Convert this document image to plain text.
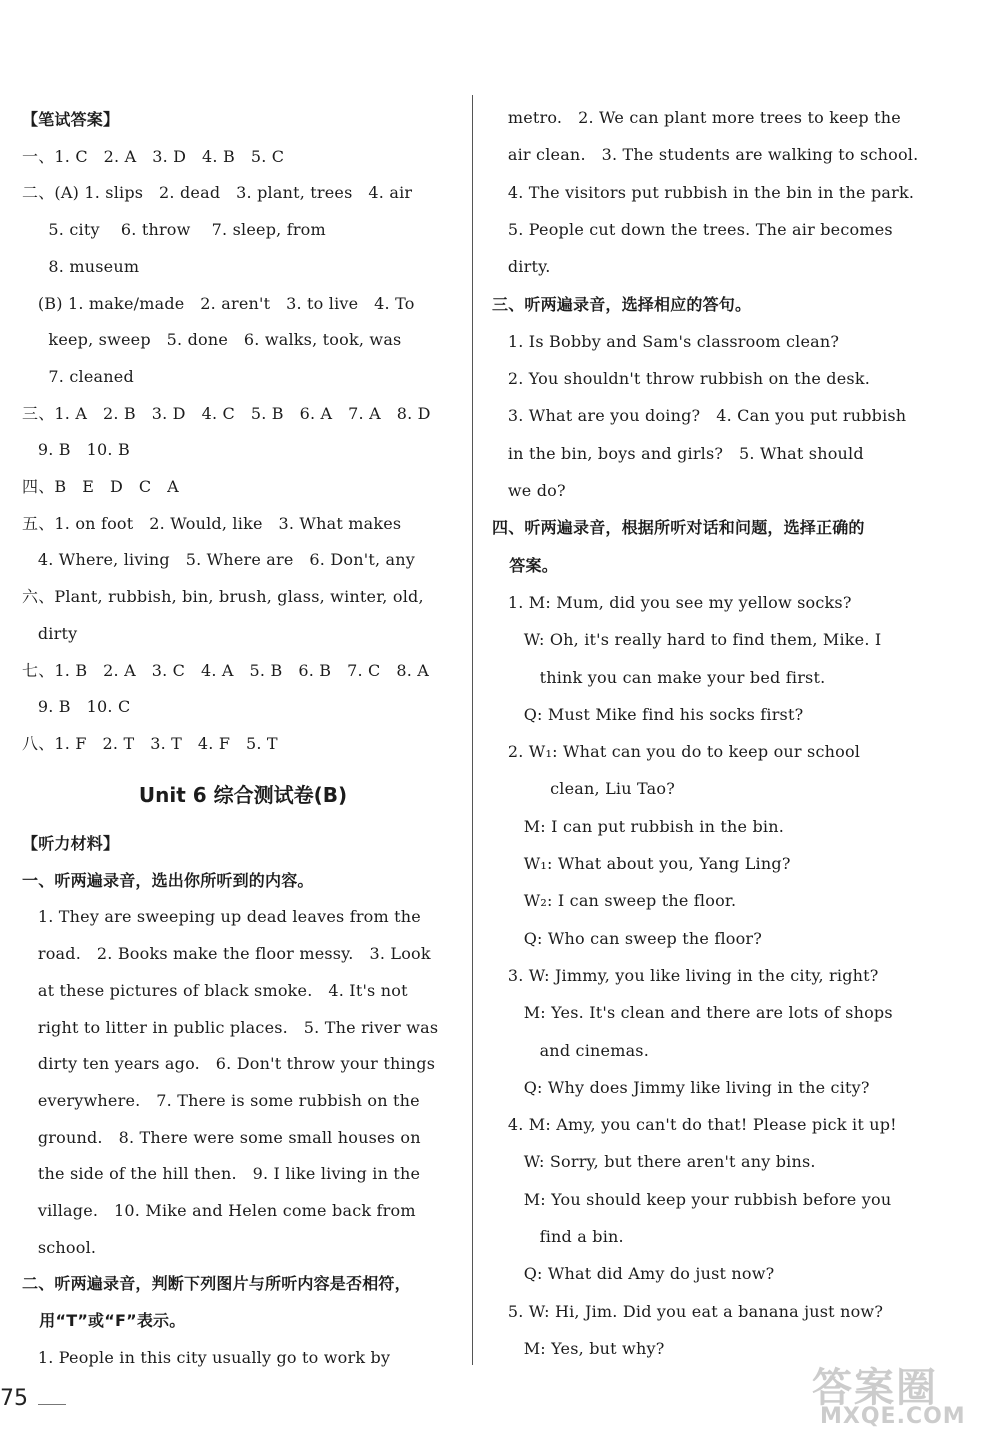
【笔试答案】
一、1. C   2. A   3. D   4. B   5. C
二、(A) 1. slips   2. dead   3. plant, trees   4. air
5. city    6. throw    7. sleep, from
8. museum
(B) 1. make/made   2. aren't   3. to live   4. To
keep, sweep   5. done   6. walks, took, was
7. cleaned
三、1. A   2. B   3. D   4. C   5. B   6. A   7. A   8. D
9. B   10. B
四、B   E   D   C   A
五、1. on foot   2. Would, like   3. What makes
4. Where, living   5. Where are   6. Don't, any
六、Plant, rubbish, bin, brush, glass, winter, old,
dirty
七、1. B   2. A   3. C   4. A   5. B   6. B   7. C   8. A
9. B   10. C
八、1. F   2. T   3. T   4. F   5. T
Unit 6 综合测试卷(B)
【听力材料】
一、听两遍录音，选出你所听到的内容。
1. They are sweeping up dead leaves from the
road.   2. Books make the floor messy.   3. Look
at these pictures of black smoke.   4. It's not
right to litter in public places.   5. The river was
dirty ten years ago.   6. Don't throw your things
everywhere.   7. There is some rubbish on the
ground.   8. There were some small houses on
the side of the hill then.   9. I like living in the
village.   10. Mike and Helen come back from
school.
二、听两遍录音，判断下列图片与所听内容是否相符，
用“T”或“F”表示。
1. People in this city usually go to work by
metro.   2. We can plant more trees to keep the
air clean.   3. The students are walking to school.
4. The visitors put rubbish in the bin in the park.
5. People cut down the trees. The air becomes
dirty.
三、听两遍录音，选择相应的答句。
1. Is Bobby and Sam's classroom clean?
2. You shouldn't throw rubbish on the desk.
3. What are you doing?   4. Can you put rubbish
in the bin, boys and girls?   5. What should
we do?
四、听两遍录音，根据所听对话和问题，选择正确的
答案。
1. M: Mum, did you see my yellow socks?
W: Oh, it's really hard to find them, Mike. I
think you can make your bed first.
Q: Must Mike find his socks first?
2. W₁: What can you do to keep our school
clean, Liu Tao?
M: I can put rubbish in the bin.
W₁: What about you, Yang Ling?
W₂: I can sweep the floor.
Q: Who can sweep the floor?
3. W: Jimmy, you like living in the city, right?
M: Yes. It's clean and there are lots of shops
and cinemas.
Q: Why does Jimmy like living in the city?
4. M: Amy, you can't do that! Please pick it up!
W: Sorry, but there aren't any bins.
M: You should keep your rubbish before you
find a bin.
Q: What did Amy do just now?
5. W: Hi, Jim. Did you eat a banana just now?
M: Yes, but why?
75	答案圈
MXQE.COM
